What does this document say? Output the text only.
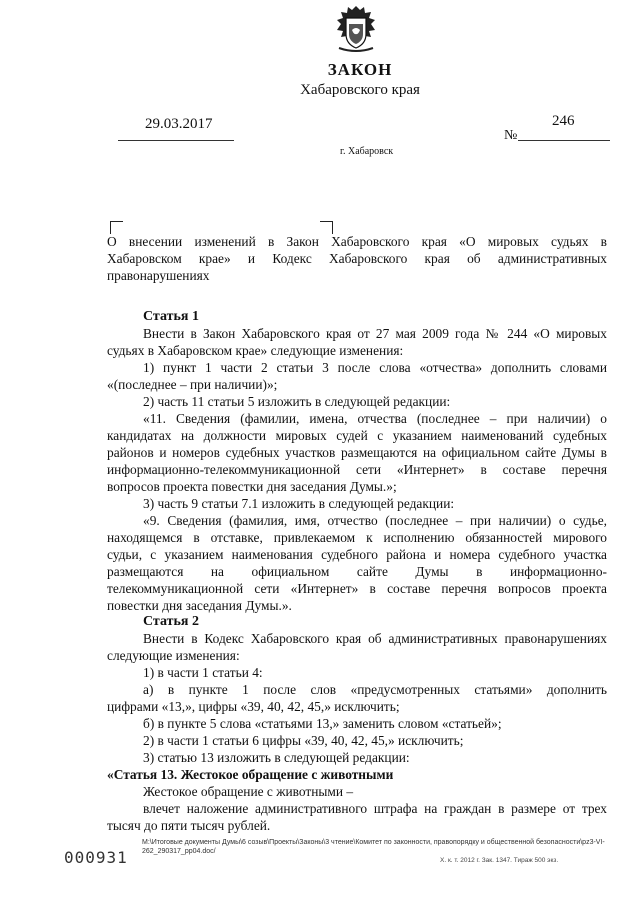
ЗАКОН
Хабаровского края
29.03.2017
№
246
г. Хабаровск
О внесении изменений в Закон Хабаровского края «О мировых судьях в
Хабаровском крае» и Кодекс Хабаровского края об административных
правонарушениях
Статья 1
Внести в Закон Хабаровского края от 27 мая 2009 года № 244 «О мировых
судьях в Хабаровском крае» следующие изменения:
1) пункт 1 части 2 статьи 3 после слова «отчества» дополнить словами
«(последнее – при наличии)»;
2) часть 11 статьи 5 изложить в следующей редакции:
«11. Сведения (фамилии, имена, отчества (последнее – при наличии) о
кандидатах на должности мировых судей с указанием наименований судебных
районов и номеров судебных участков размещаются на официальном сайте Думы в
информационно-телекоммуникационной сети «Интернет» в составе перечня
вопросов проекта повестки дня заседания Думы.»;
3) часть 9 статьи 7.1 изложить в следующей редакции:
«9. Сведения (фамилия, имя, отчество (последнее – при наличии) о судье,
находящемся в отставке, привлекаемом к исполнению обязанностей мирового
судьи, с указанием наименования судебного района и номера судебного участка
размещаются на официальном сайте Думы в информационно-
телекоммуникационной сети «Интернет» в составе перечня вопросов проекта
повестки дня заседания Думы.».
Статья 2
Внести в Кодекс Хабаровского края об административных правонарушениях
следующие изменения:
1) в части 1 статьи 4:
а) в пункте 1 после слов «предусмотренных статьями» дополнить
цифрами «13,», цифры «39, 40, 42, 45,» исключить;
б) в пункте 5 слова «статьями 13,» заменить словом «статьей»;
2) в части 1 статьи 6 цифры «39, 40, 42, 45,» исключить;
3) статью 13 изложить в следующей редакции:
«Статья 13. Жестокое обращение с животными
Жестокое обращение с животными –
влечет наложение административного штрафа на граждан в размере от трех
тысяч до пяти тысяч рублей.
M:\Итоговые документы Думы\6 созыв\Проекты\Законы\3 чтение\Комитет по законности, правопорядку и общественной безопасности\pz3-VI-
262_290317_pp04.doc/
000931	Х. к. т. 2012 г. Зак. 1347. Тираж 500 экз.
